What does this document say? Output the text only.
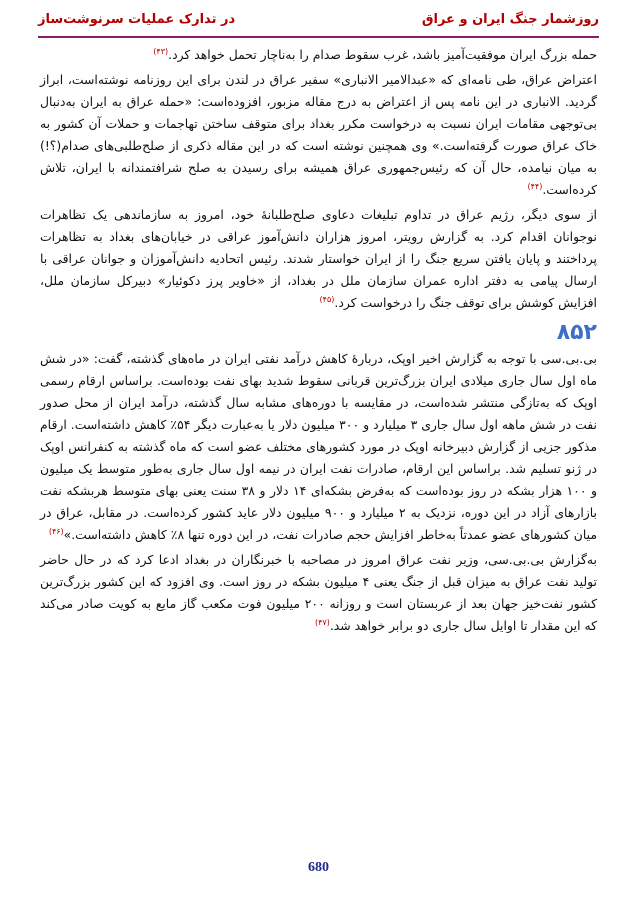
روزشمار جنگ ایران و عراق
در تدارک عملیات سرنوشت‌ساز

حمله بزرگ ایران موفقیت‌آمیز باشد، غرب سقوط صدام را به‌ناچار تحمل خواهد کرد.$^{(۴۳)}$

اعتراض عراق، طی نامه‌ای که «عبدالامیر الانباری» سفیر عراق در لندن برای این روزنامه نوشته‌است، ابراز گردید. الانباری در این نامه پس از اعتراض به درج مقاله مزبور، افزوده‌است: «حمله عراق به ایران به‌دنبال بی‌توجهی مقامات ایران نسبت به درخواست مکرر بغداد برای متوقف ساختن تهاجمات و حملات آن کشور به خاک عراق صورت گرفته‌است.» وی همچنین نوشته است که در این مقاله ذکری از صلح‌طلبی‌های صدام(؟!) به میان نیامده، حال آن که رئیس‌جمهوری عراق همیشه برای رسیدن به صلح شرافتمندانه با ایران، تلاش کرده‌است.$^{(۴۴)}$

از سوی دیگر، رژیم عراق در تداوم تبلیغات دعاوی صلح‌طلبانهٔ خود، امروز به سازماندهی یک تظاهرات نوجوانان اقدام کرد. به گزارش رویتر، امروز هزاران دانش‌آموز عراقی در خیابان‌های بغداد به تظاهرات پرداختند و پایان یافتن سریع جنگ را از ایران خواستار شدند. رئیس اتحادیه دانش‌آموزان و جوانان عراقی با ارسال پیامی به دفتر اداره عمران سازمان ملل در بغداد، از «خاویر پرز دکوئیار» دبیرکل سازمان ملل، افزایش کوشش برای توقف جنگ را درخواست کرد.$^{(۴۵)}$

۸۵۲

بی.بی.سی با توجه به گزارش اخیر اوپک، دربارهٔ کاهش درآمد نفتی ایران در ماه‌های گذشته، گفت: «در شش ماه اول سال جاری میلادی ایران بزرگ‌ترین قربانی سقوط شدید بهای نفت بوده‌است. براساس ارقام رسمی اوپک که به‌تازگی منتشر شده‌است، در مقایسه با دوره‌های مشابه سال گذشته، درآمد ایران از محل صدور نفت در شش ماهه اول سال جاری ۳ میلیارد و ۳۰۰ میلیون دلار یا به‌عبارت دیگر ۵۴٪ کاهش داشته‌است. ارقام مذکور جزیی از گزارش دبیرخانه اوپک در مورد کشورهای مختلف عضو است که ماه گذشته به کنفرانس اوپک در ژنو تسلیم شد. براساس این ارقام، صادرات نفت ایران در نیمه اول سال جاری به‌طور متوسط یک میلیون و ۱۰۰ هزار بشکه در روز بوده‌است که به‌فرض بشکه‌ای ۱۴ دلار و ۳۸ سنت یعنی بهای متوسط هربشکه نفت بازارهای آزاد در این دوره، نزدیک به ۲ میلیارد و ۹۰۰ میلیون دلار عاید کشور کرده‌است. در مقابل، عراق در میان کشورهای عضو عمدتاً به‌خاطر افزایش حجم صادرات نفت، در این دوره تنها ۸٪ کاهش داشته‌است.»$^{(۴۶)}$

به‌گزارش بی.بی.سی، وزیر نفت عراق امروز در مصاحبه با خبرنگاران در بغداد ادعا کرد که در حال حاضر تولید نفت عراق به میزان قبل از جنگ یعنی ۴ میلیون بشکه در روز است. وی افزود که این کشور بزرگ‌ترین کشور نفت‌خیز جهان بعد از عربستان است و روزانه ۲۰۰ میلیون فوت مکعب گاز مایع به کویت صادر می‌کند که این مقدار تا اوایل سال جاری دو برابر خواهد شد.$^{(۴۷)}$

680
